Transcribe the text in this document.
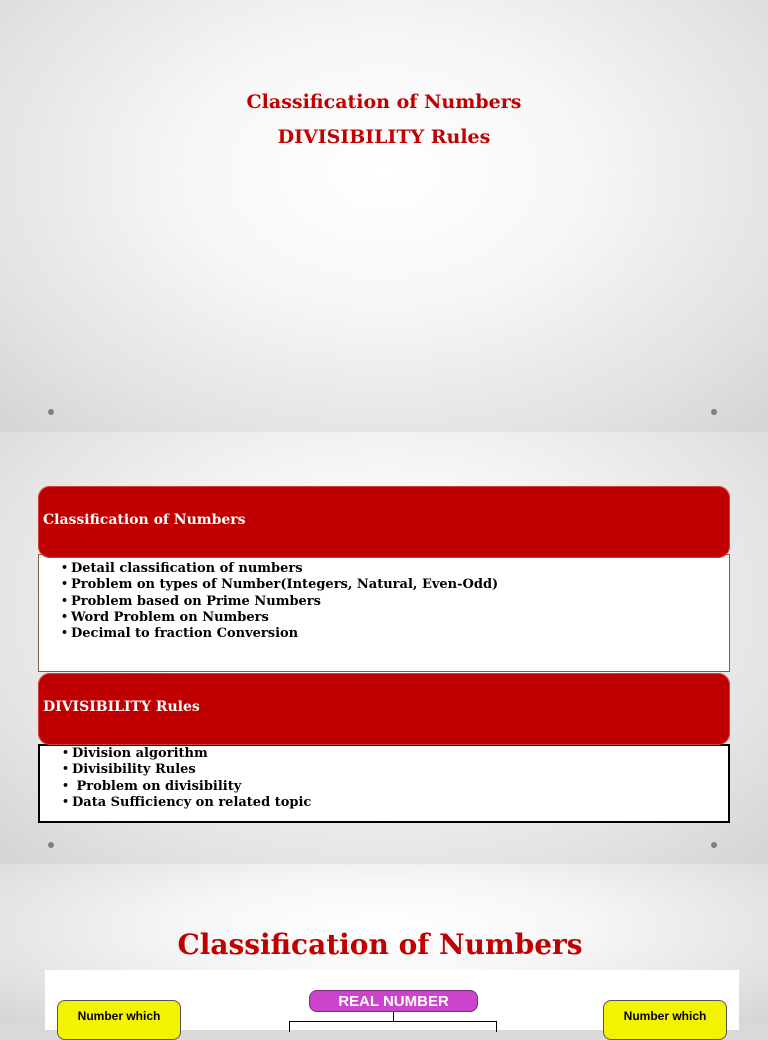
Classification of Numbers
DIVISIBILITY Rules
• Detail classification of numbers
• Problem on types of Number(Integers, Natural, Even-Odd)
• Problem based on Prime Numbers
• Word Problem on Numbers
• Decimal to fraction Conversion
Classification of Numbers
• Division algorithm
• Divisibility Rules
•  Problem on divisibility
• Data Sufficiency on related topic
DIVISIBILITY Rules
Classification of Numbers
Number which	Number which
REAL NUMBER
